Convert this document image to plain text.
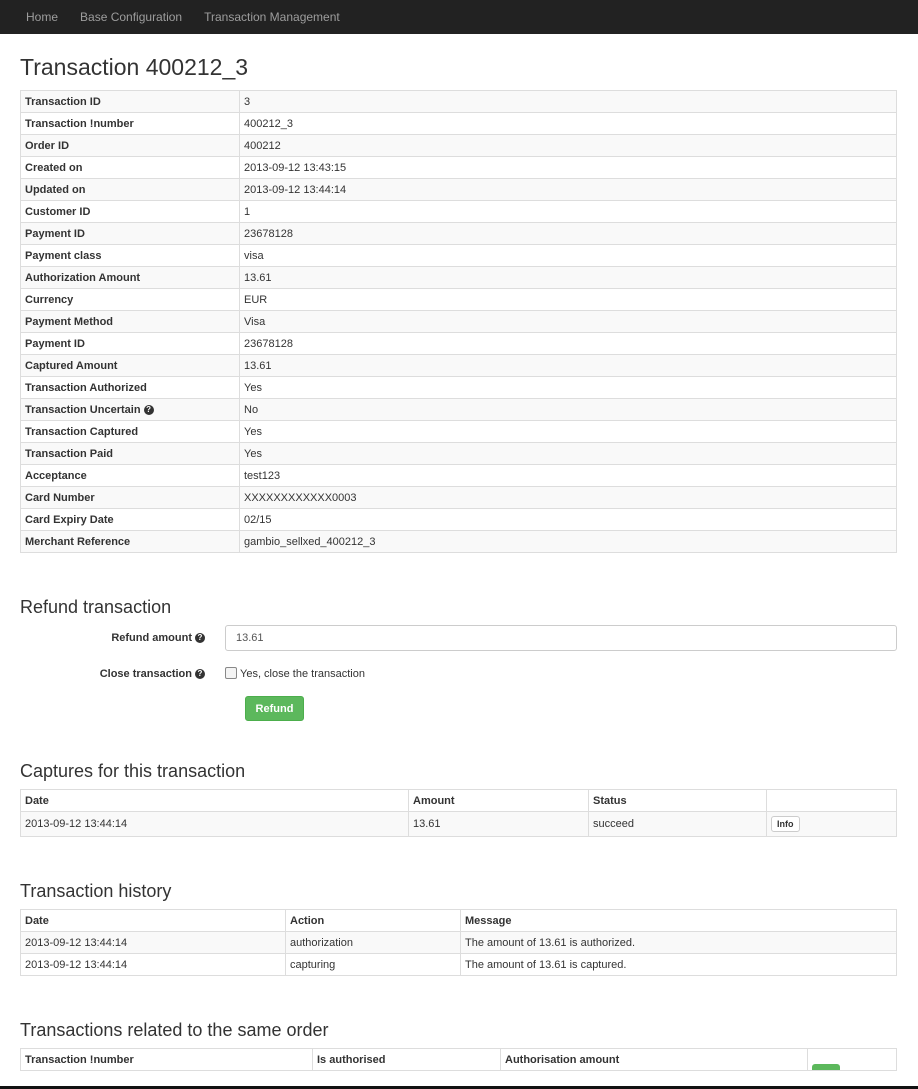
Home	Base Configuration	Transaction Management
Transaction 400212_3
Transaction ID	3
Transaction !number	400212_3
Order ID	400212
Created on	2013-09-12 13:43:15
Updated on	2013-09-12 13:44:14
Customer ID	1
Payment ID	23678128
Payment class	visa
Authorization Amount	13.61
Currency	EUR
Payment Method	Visa
Payment ID	23678128
Captured Amount	13.61
Transaction Authorized	Yes
Transaction Uncertain ?	No
Transaction Captured	Yes
Transaction Paid	Yes
Acceptance	test123
Card Number	XXXXXXXXXXXX0003
Card Expiry Date	02/15
Merchant Reference	gambio_sellxed_400212_3
Refund transaction
Refund amount ?	13.61
Close transaction ?	Yes, close the transaction
Refund
Captures for this transaction
Date	Amount	Status	
2013-09-12 13:44:14	13.61	succeed	Info
Transaction history
Date	Action	Message
2013-09-12 13:44:14	authorization	The amount of 13.61 is authorized.
2013-09-12 13:44:14	capturing	The amount of 13.61 is captured.
Transactions related to the same order
Transaction !number	Is authorised	Authorisation amount	
